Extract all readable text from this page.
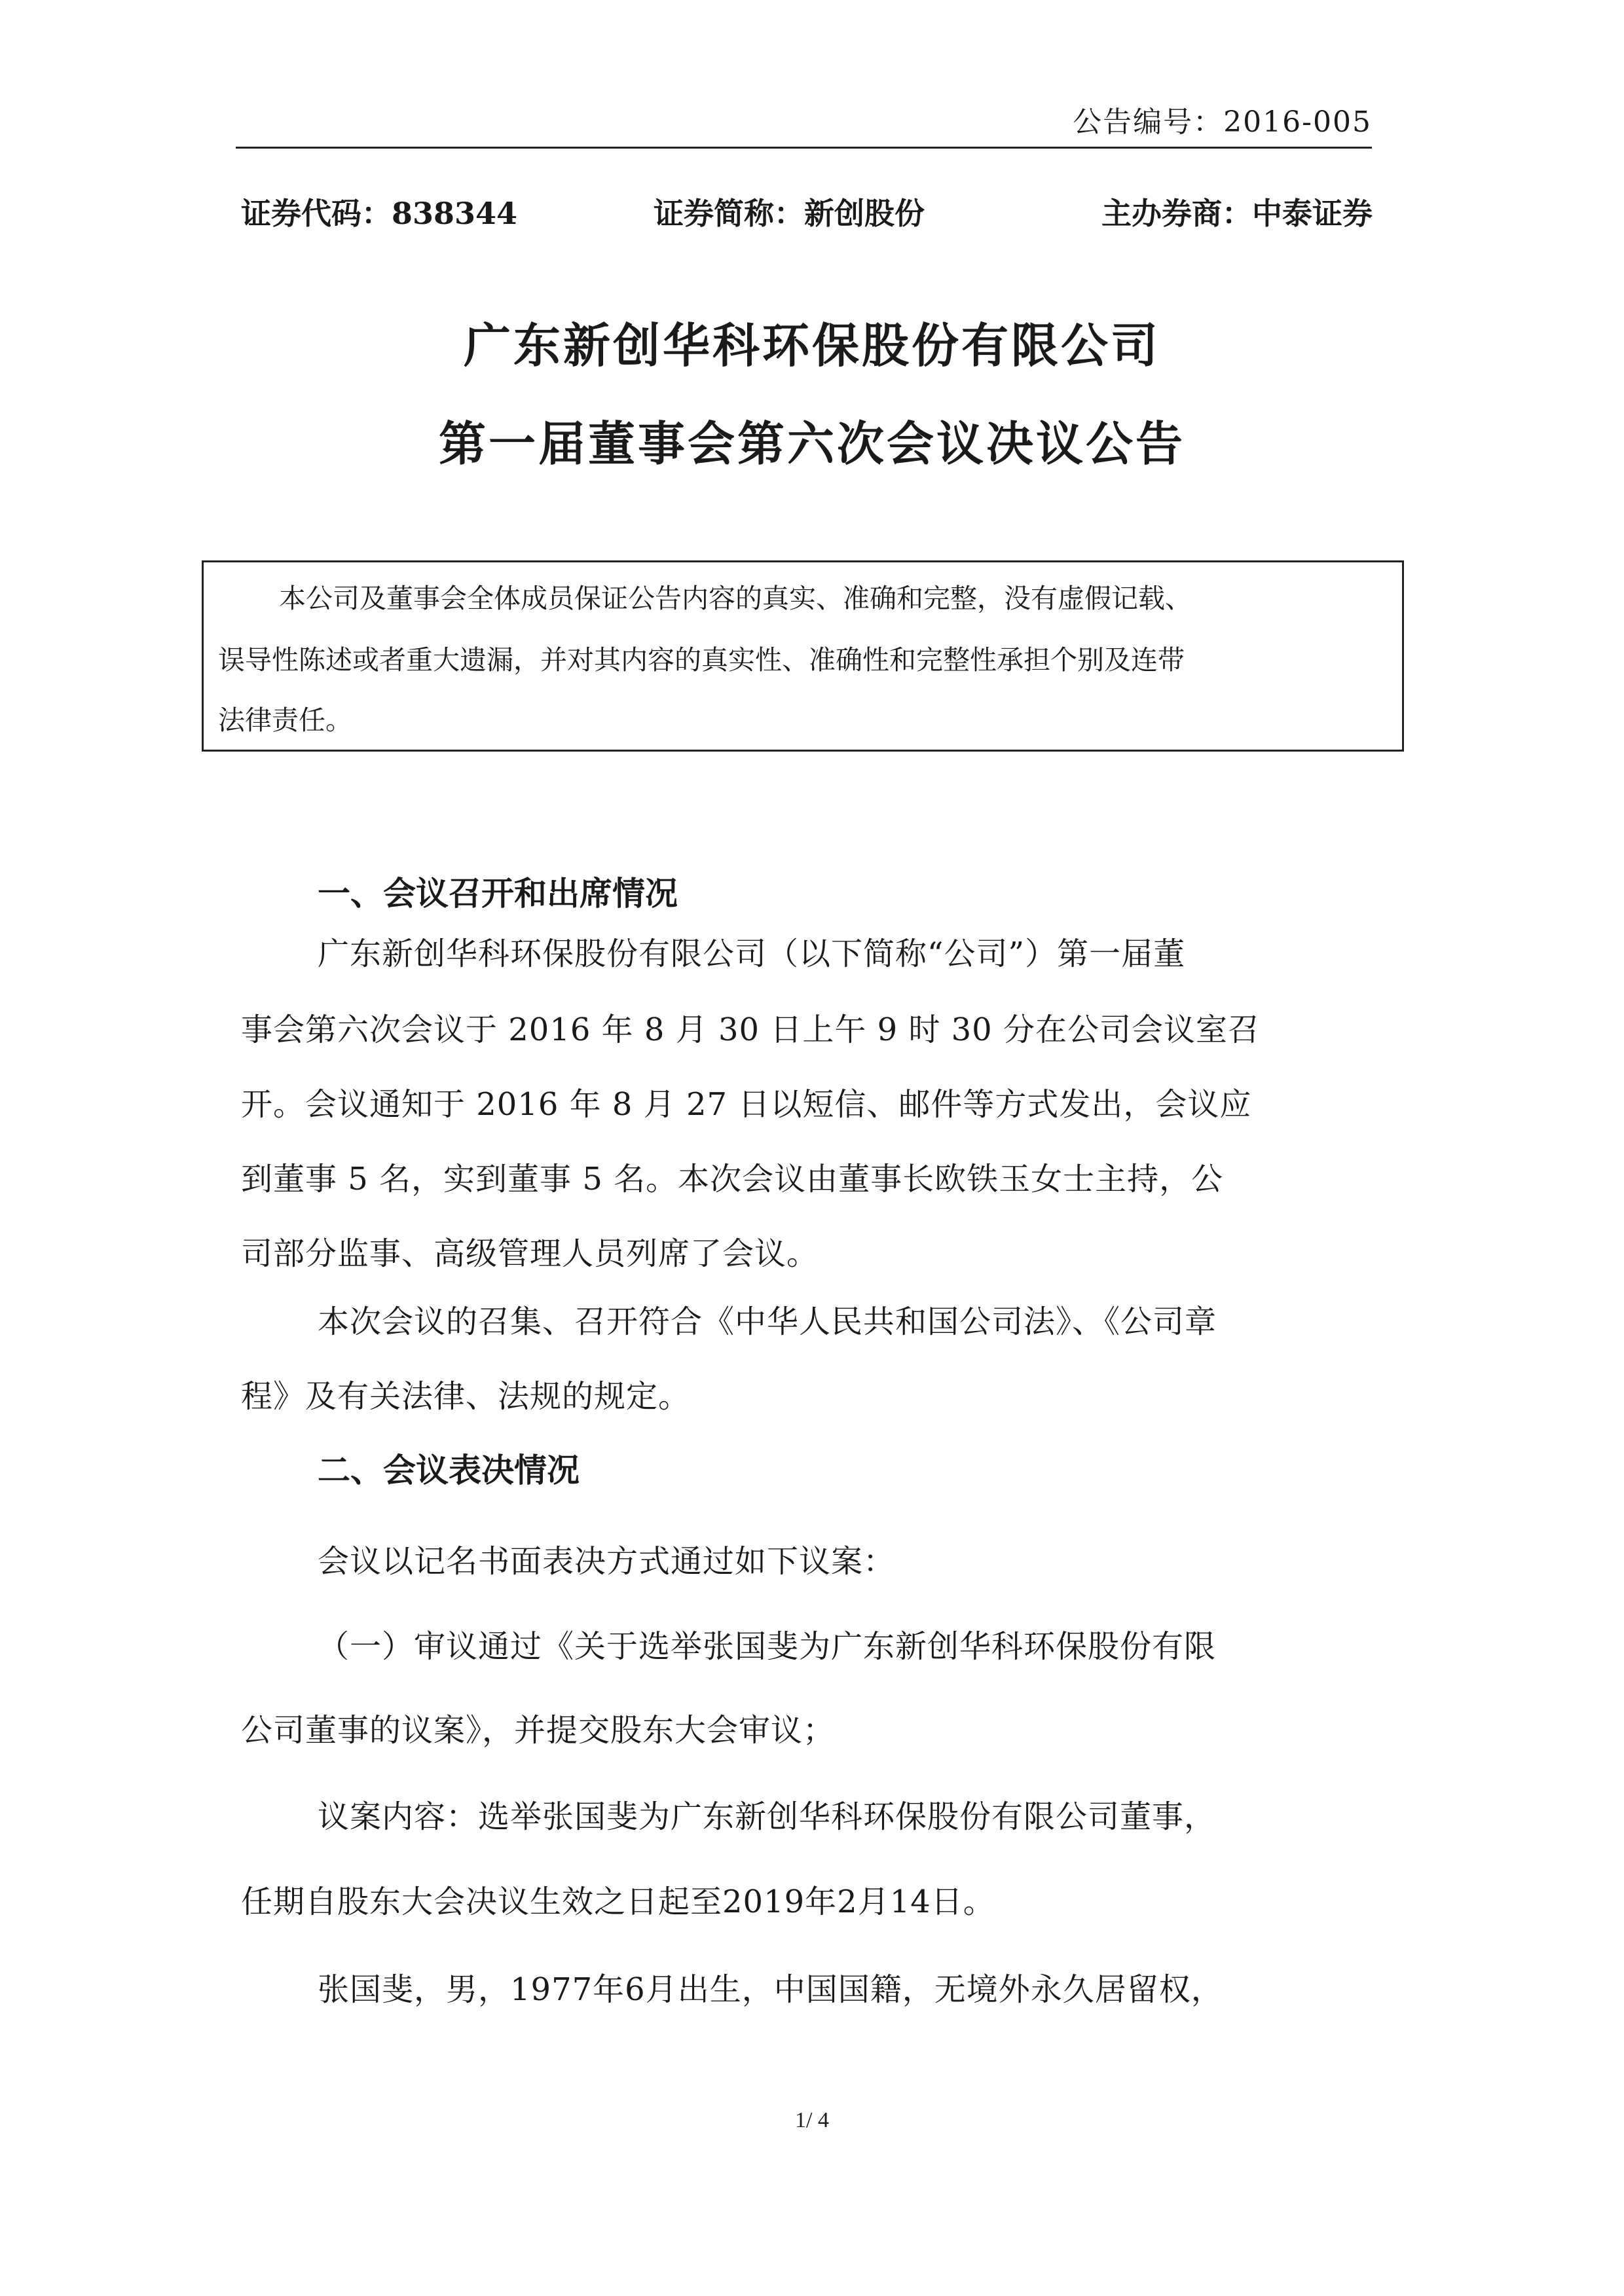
公告编号：2016-005
证券代码：838344	证券简称：新创股份	主办券商：中泰证券
广东新创华科环保股份有限公司
第一届董事会第六次会议决议公告
本公司及董事会全体成员保证公告内容的真实、准确和完整，没有虚假记载、
误导性陈述或者重大遗漏，并对其内容的真实性、准确性和完整性承担个别及连带
法律责任。
一、会议召开和出席情况
广东新创华科环保股份有限公司（以下简称“公司”）第一届董
事会第六次会议于 2016 年 8 月 30 日上午 9 时 30 分在公司会议室召
开。会议通知于 2016 年 8 月 27 日以短信、邮件等方式发出，会议应
到董事 5 名，实到董事 5 名。本次会议由董事长欧铁玉女士主持，公
司部分监事、高级管理人员列席了会议。
本次会议的召集、召开符合《中华人民共和国公司法》、《公司章
程》及有关法律、法规的规定。
二、会议表决情况
会议以记名书面表决方式通过如下议案：
（一）审议通过《关于选举张国斐为广东新创华科环保股份有限
公司董事的议案》，并提交股东大会审议；
议案内容：选举张国斐为广东新创华科环保股份有限公司董事，
任期自股东大会决议生效之日起至2019年2月14日。
张国斐，男，1977年6月出生，中国国籍，无境外永久居留权，
1/ 4
